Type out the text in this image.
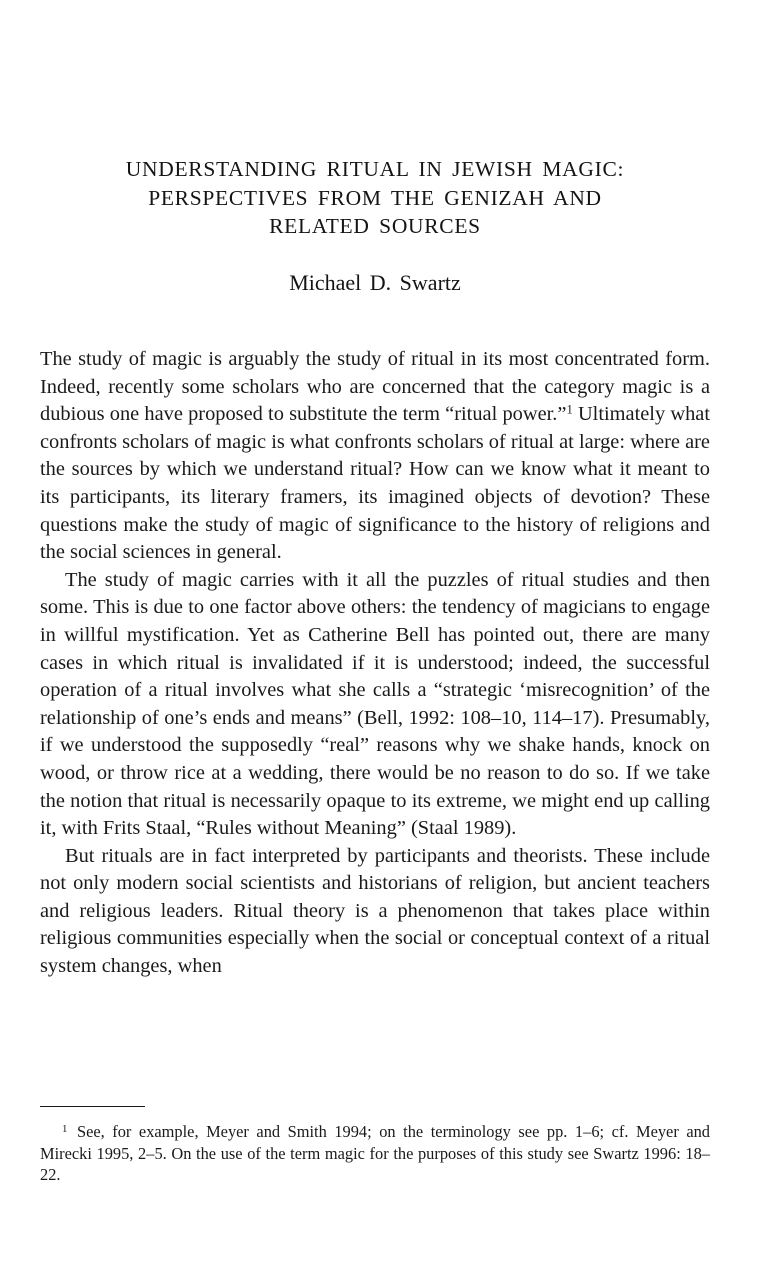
UNDERSTANDING RITUAL IN JEWISH MAGIC:
PERSPECTIVES FROM THE GENIZAH AND
RELATED SOURCES
Michael D. Swartz

The study of magic is arguably the study of ritual in its most concentrated form. Indeed, recently some scholars who are concerned that the category magic is a dubious one have proposed to substitute the term “ritual power.”$^1$ Ultimately what confronts scholars of magic is what confronts scholars of ritual at large: where are the sources by which we understand ritual? How can we know what it meant to its participants, its literary framers, its imagined objects of devotion? These questions make the study of magic of significance to the history of religions and the social sciences in general.

The study of magic carries with it all the puzzles of ritual studies and then some. This is due to one factor above others: the tendency of magicians to engage in willful mystification. Yet as Catherine Bell has pointed out, there are many cases in which ritual is invalidated if it is understood; indeed, the successful operation of a ritual involves what she calls a “strategic ‘misrecognition’ of the relationship of one’s ends and means” (Bell, 1992: 108–10, 114–17). Presumably, if we understood the supposedly “real” reasons why we shake hands, knock on wood, or throw rice at a wedding, there would be no reason to do so. If we take the notion that ritual is necessarily opaque to its extreme, we might end up calling it, with Frits Staal, “Rules without Meaning” (Staal 1989).

But rituals are in fact interpreted by participants and theorists. These include not only modern social scientists and historians of religion, but ancient teachers and religious leaders. Ritual theory is a phenomenon that takes place within religious communities especially when the social or conceptual context of a ritual system changes, when

$^1$ See, for example, Meyer and Smith 1994; on the terminology see pp. 1–6; cf. Meyer and Mirecki 1995, 2–5. On the use of the term magic for the purposes of this study see Swartz 1996: 18–22.
